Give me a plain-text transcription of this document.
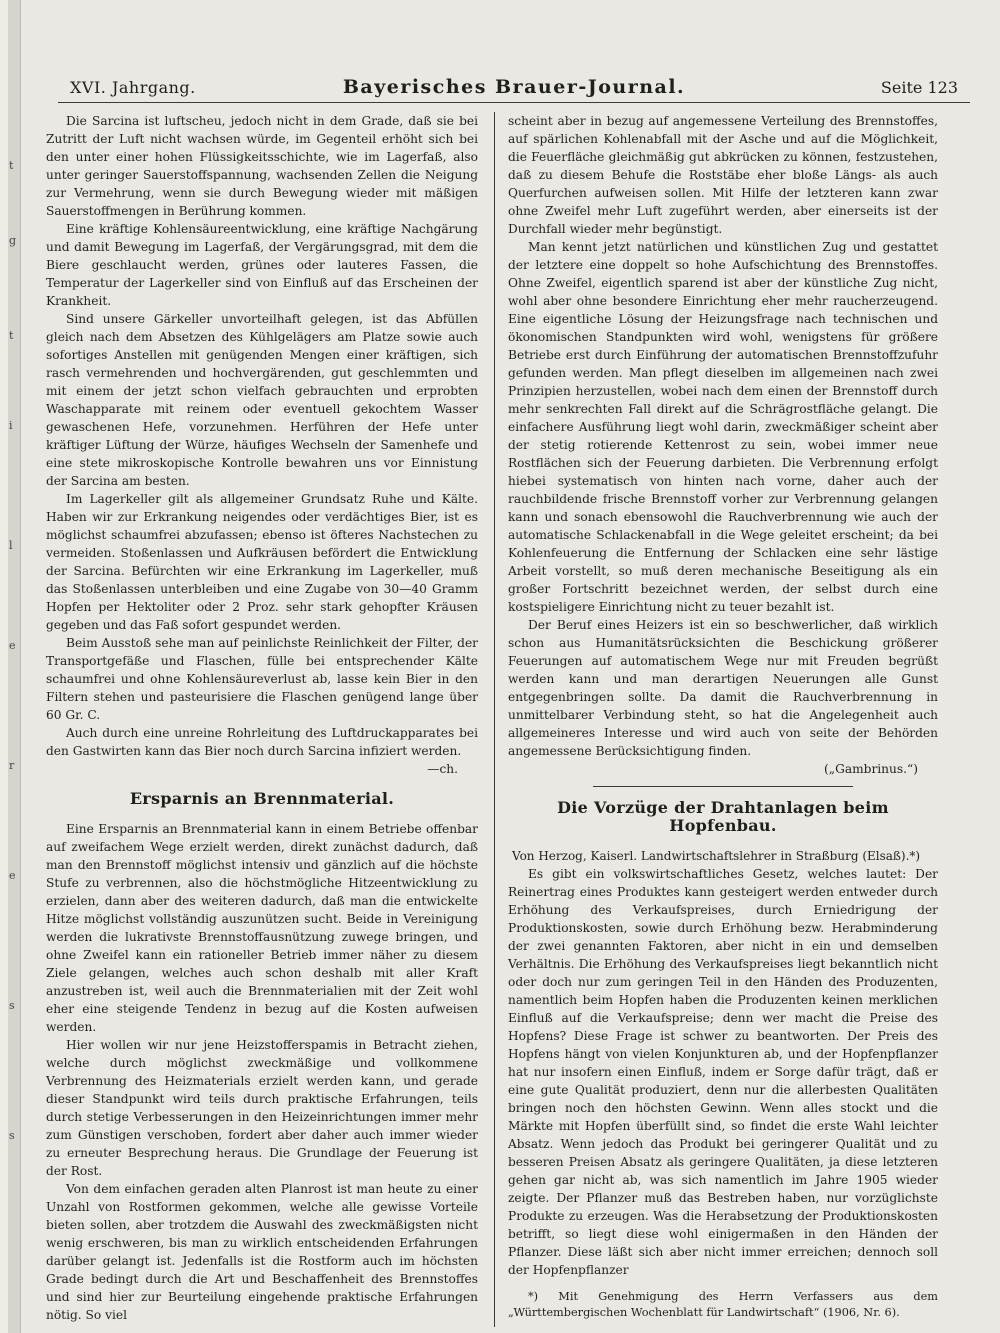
t
g
t
i
l
e
r
e
s
s
XVI. Jahrgang.	Bayerisches Brauer-Journal.	Seite 123

Die Sarcina ist luftscheu, jedoch nicht in dem Grade, daß sie bei Zutritt der Luft nicht wachsen würde, im Gegenteil erhöht sich bei den unter einer hohen Flüssigkeitsschichte, wie im Lagerfaß, also unter geringer Sauerstoffspannung, wachsenden Zellen die Neigung zur Vermehrung, wenn sie durch Bewegung wieder mit mäßigen Sauerstoffmengen in Berührung kommen.

Eine kräftige Kohlensäureentwicklung, eine kräftige Nachgärung und damit Bewegung im Lagerfaß, der Vergärungsgrad, mit dem die Biere geschlaucht werden, grünes oder lauteres Fassen, die Temperatur der Lagerkeller sind von Einfluß auf das Erscheinen der Krankheit.

Sind unsere Gärkeller unvorteilhaft gelegen, ist das Abfüllen gleich nach dem Absetzen des Kühlgelägers am Platze sowie auch sofortiges Anstellen mit genügenden Mengen einer kräftigen, sich rasch vermehrenden und hochvergärenden, gut geschlemmten und mit einem der jetzt schon vielfach gebrauchten und erprobten Waschapparate mit reinem oder eventuell gekochtem Wasser gewaschenen Hefe, vorzunehmen. Herführen der Hefe unter kräftiger Lüftung der Würze, häufiges Wechseln der Samenhefe und eine stete mikroskopische Kontrolle bewahren uns vor Einnistung der Sarcina am besten.

Im Lagerkeller gilt als allgemeiner Grundsatz Ruhe und Kälte. Haben wir zur Erkrankung neigendes oder verdächtiges Bier, ist es möglichst schaumfrei abzufassen; ebenso ist öfteres Nachstechen zu vermeiden. Stoßenlassen und Aufkräusen befördert die Entwicklung der Sarcina. Befürchten wir eine Erkrankung im Lagerkeller, muß das Stoßenlassen unterbleiben und eine Zugabe von 30—40 Gramm Hopfen per Hektoliter oder 2 Proz. sehr stark gehopfter Kräusen gegeben und das Faß sofort gespundet werden.

Beim Ausstoß sehe man auf peinlichste Reinlichkeit der Filter, der Transportgefäße und Flaschen, fülle bei entsprechender Kälte schaumfrei und ohne Kohlensäureverlust ab, lasse kein Bier in den Filtern stehen und pasteurisiere die Flaschen genügend lange über 60 Gr. C.

Auch durch eine unreine Rohrleitung des Luftdruckapparates bei den Gastwirten kann das Bier noch durch Sarcina infiziert werden.

—ch.

Ersparnis an Brennmaterial.

Eine Ersparnis an Brennmaterial kann in einem Betriebe offenbar auf zweifachem Wege erzielt werden, direkt zunächst dadurch, daß man den Brennstoff möglichst intensiv und gänzlich auf die höchste Stufe zu verbrennen, also die höchstmögliche Hitzeentwicklung zu erzielen, dann aber des weiteren dadurch, daß man die entwickelte Hitze möglichst vollständig auszunützen sucht. Beide in Vereinigung werden die lukrativste Brennstoffausnützung zuwege bringen, und ohne Zweifel kann ein rationeller Betrieb immer näher zu diesem Ziele gelangen, welches auch schon deshalb mit aller Kraft anzustreben ist, weil auch die Brennmaterialien mit der Zeit wohl eher eine steigende Tendenz in bezug auf die Kosten aufweisen werden.

Hier wollen wir nur jene Heizstofferspamis in Betracht ziehen, welche durch möglichst zweckmäßige und vollkommene Verbrennung des Heizmaterials erzielt werden kann, und gerade dieser Standpunkt wird teils durch praktische Erfahrungen, teils durch stetige Verbesserungen in den Heizeinrichtungen immer mehr zum Günstigen verschoben, fordert aber daher auch immer wieder zu erneuter Besprechung heraus. Die Grundlage der Feuerung ist der Rost.

Von dem einfachen geraden alten Planrost ist man heute zu einer Unzahl von Rostformen gekommen, welche alle gewisse Vorteile bieten sollen, aber trotzdem die Auswahl des zweckmäßigsten nicht wenig erschweren, bis man zu wirklich entscheidenden Erfahrungen darüber gelangt ist. Jedenfalls ist die Rostform auch im höchsten Grade bedingt durch die Art und Beschaffenheit des Brennstoffes und sind hier zur Beurteilung eingehende praktische Erfahrungen nötig. So viel

scheint aber in bezug auf angemessene Verteilung des Brennstoffes, auf spärlichen Kohlenabfall mit der Asche und auf die Möglichkeit, die Feuerfläche gleichmäßig gut abkrücken zu können, festzustehen, daß zu diesem Behufe die Roststäbe eher bloße Längs- als auch Querfurchen aufweisen sollen. Mit Hilfe der letzteren kann zwar ohne Zweifel mehr Luft zugeführt werden, aber einerseits ist der Durchfall wieder mehr begünstigt.

Man kennt jetzt natürlichen und künstlichen Zug und gestattet der letztere eine doppelt so hohe Aufschichtung des Brennstoffes. Ohne Zweifel, eigentlich sparend ist aber der künstliche Zug nicht, wohl aber ohne besondere Einrichtung eher mehr raucherzeugend. Eine eigentliche Lösung der Heizungsfrage nach technischen und ökonomischen Standpunkten wird wohl, wenigstens für größere Betriebe erst durch Einführung der automatischen Brennstoffzufuhr gefunden werden. Man pflegt dieselben im allgemeinen nach zwei Prinzipien herzustellen, wobei nach dem einen der Brennstoff durch mehr senkrechten Fall direkt auf die Schrägrostfläche gelangt. Die einfachere Ausführung liegt wohl darin, zweckmäßiger scheint aber der stetig rotierende Kettenrost zu sein, wobei immer neue Rostflächen sich der Feuerung darbieten. Die Verbrennung erfolgt hiebei systematisch von hinten nach vorne, daher auch der rauchbildende frische Brennstoff vorher zur Verbrennung gelangen kann und sonach ebensowohl die Rauchverbrennung wie auch der automatische Schlackenabfall in die Wege geleitet erscheint; da bei Kohlenfeuerung die Entfernung der Schlacken eine sehr lästige Arbeit vorstellt, so muß deren mechanische Beseitigung als ein großer Fortschritt bezeichnet werden, der selbst durch eine kostspieligere Einrichtung nicht zu teuer bezahlt ist.

Der Beruf eines Heizers ist ein so beschwerlicher, daß wirklich schon aus Humanitätsrücksichten die Beschickung größerer Feuerungen auf automatischem Wege nur mit Freuden begrüßt werden kann und man derartigen Neuerungen alle Gunst entgegenbringen sollte. Da damit die Rauchverbrennung in unmittelbarer Verbindung steht, so hat die Angelegenheit auch allgemeineres Interesse und wird auch von seite der Behörden angemessene Berücksichtigung finden.

(„Gambrinus.“)

Die Vorzüge der Drahtanlagen beim Hopfenbau.

Von Herzog, Kaiserl. Landwirtschaftslehrer in Straßburg (Elsaß).*)

Es gibt ein volkswirtschaftliches Gesetz, welches lautet: Der Reinertrag eines Produktes kann gesteigert werden entweder durch Erhöhung des Verkaufspreises, durch Erniedrigung der Produktionskosten, sowie durch Erhöhung bezw. Herabminderung der zwei genannten Faktoren, aber nicht in ein und demselben Verhältnis. Die Erhöhung des Verkaufspreises liegt bekanntlich nicht oder doch nur zum geringen Teil in den Händen des Produzenten, namentlich beim Hopfen haben die Produzenten keinen merklichen Einfluß auf die Verkaufspreise; denn wer macht die Preise des Hopfens? Diese Frage ist schwer zu beantworten. Der Preis des Hopfens hängt von vielen Konjunkturen ab, und der Hopfenpflanzer hat nur insofern einen Einfluß, indem er Sorge dafür trägt, daß er eine gute Qualität produziert, denn nur die allerbesten Qualitäten bringen noch den höchsten Gewinn. Wenn alles stockt und die Märkte mit Hopfen überfüllt sind, so findet die erste Wahl leichter Absatz. Wenn jedoch das Produkt bei geringerer Qualität und zu besseren Preisen Absatz als geringere Qualitäten, ja diese letzteren gehen gar nicht ab, was sich namentlich im Jahre 1905 wieder zeigte. Der Pflanzer muß das Bestreben haben, nur vorzüglichste Produkte zu erzeugen. Was die Herabsetzung der Produktionskosten betrifft, so liegt diese wohl einigermaßen in den Händen der Pflanzer. Diese läßt sich aber nicht immer erreichen; dennoch soll der Hopfenpflanzer

*) Mit Genehmigung des Herrn Verfassers aus dem „Württembergischen Wochenblatt für Landwirtschaft“ (1906, Nr. 6).
